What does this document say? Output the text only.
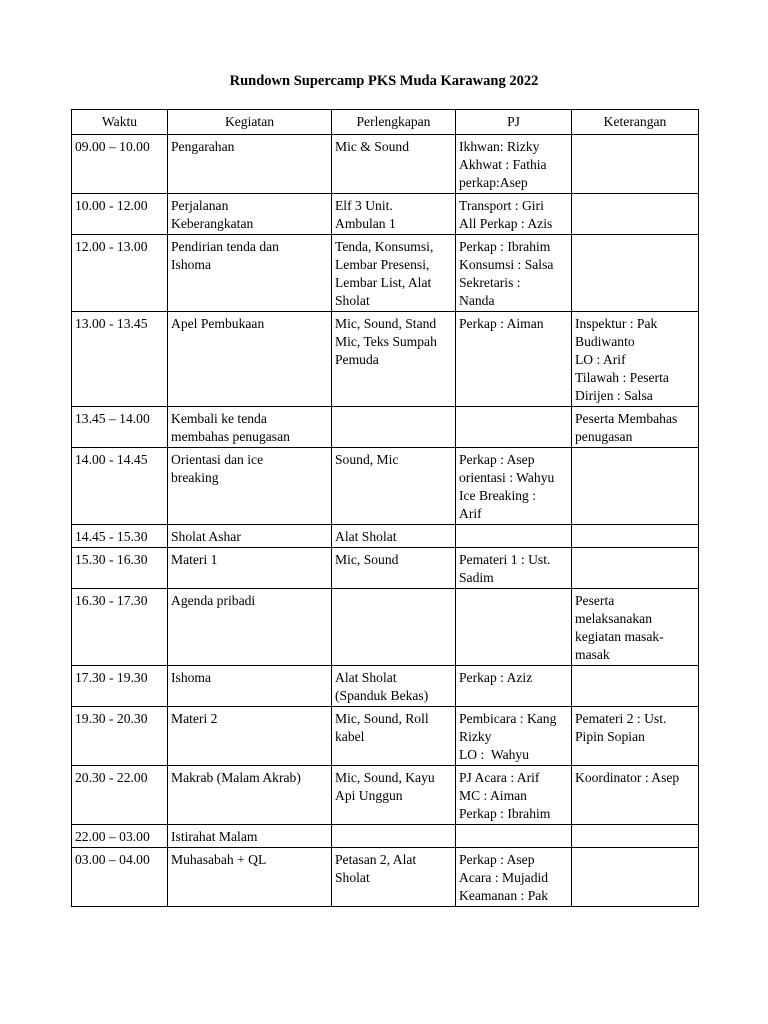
Rundown Supercamp PKS Muda Karawang 2022
Waktu	Kegiatan	Perlengkapan	PJ	Keterangan
09.00 – 10.00	Pengarahan	Mic & Sound	Ikhwan: Rizky
Akhwat : Fathia
perkap:Asep	

10.00 - 12.00	Perjalanan
Keberangkatan	Elf 3 Unit.
Ambulan 1	Transport : Giri
All Perkap : Azis	

12.00 - 13.00	Pendirian tenda dan
Ishoma	Tenda, Konsumsi,
Lembar Presensi,
Lembar List, Alat
Sholat	Perkap : Ibrahim
Konsumsi : Salsa
Sekretaris :
Nanda	

13.00 - 13.45	Apel Pembukaan	Mic, Sound, Stand
Mic, Teks Sumpah
Pemuda	Perkap : Aiman	Inspektur : Pak
Budiwanto
LO : Arif
Tilawah : Peserta
Dirijen : Salsa

13.45 – 14.00	Kembali ke tenda
membahas penugasan			Peserta Membahas
penugasan

14.00 - 14.45	Orientasi dan ice
breaking	Sound, Mic	Perkap : Asep
orientasi : Wahyu
Ice Breaking :
Arif	

14.45 - 15.30	Sholat Ashar	Alat Sholat		

15.30 - 16.30	Materi 1	Mic, Sound	Pemateri 1 : Ust.
Sadim	

16.30 - 17.30	Agenda pribadi			Peserta
melaksanakan
kegiatan masak-
masak

17.30 - 19.30	Ishoma	Alat Sholat
(Spanduk Bekas)	Perkap : Aziz	

19.30 - 20.30	Materi 2	Mic, Sound, Roll
kabel	Pembicara : Kang
Rizky
LO :  Wahyu	Pemateri 2 : Ust.
Pipin Sopian

20.30 - 22.00	Makrab (Malam Akrab)	Mic, Sound, Kayu
Api Unggun	PJ Acara : Arif
MC : Aiman
Perkap : Ibrahim	Koordinator : Asep

22.00 – 03.00	Istirahat Malam			

03.00 – 04.00	Muhasabah + QL	Petasan 2, Alat
Sholat	Perkap : Asep
Acara : Mujadid
Keamanan : Pak	
